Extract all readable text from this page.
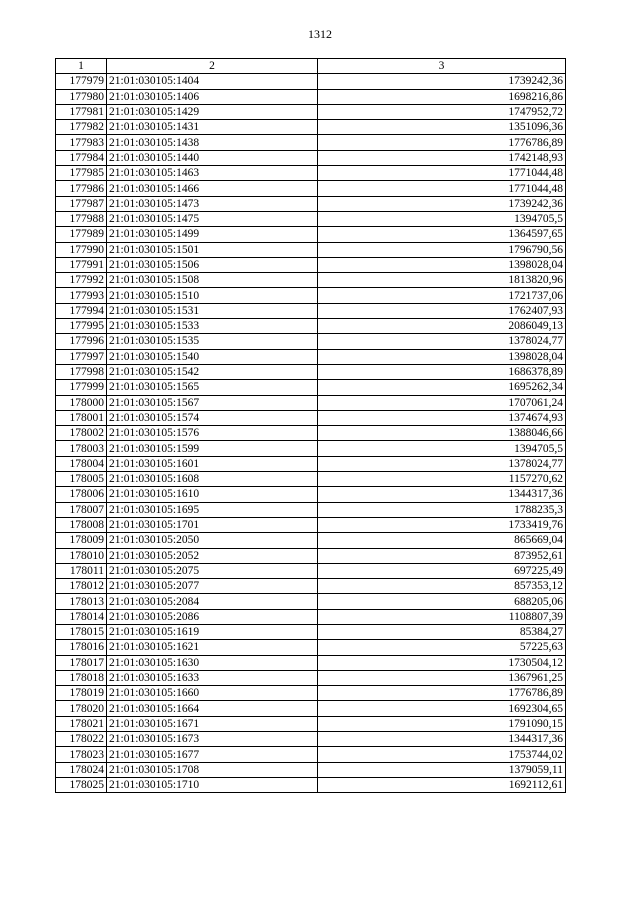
1312
1	2	3
177979	21:01:030105:1404	1739242,36
177980	21:01:030105:1406	1698216,86
177981	21:01:030105:1429	1747952,72
177982	21:01:030105:1431	1351096,36
177983	21:01:030105:1438	1776786,89
177984	21:01:030105:1440	1742148,93
177985	21:01:030105:1463	1771044,48
177986	21:01:030105:1466	1771044,48
177987	21:01:030105:1473	1739242,36
177988	21:01:030105:1475	1394705,5
177989	21:01:030105:1499	1364597,65
177990	21:01:030105:1501	1796790,56
177991	21:01:030105:1506	1398028,04
177992	21:01:030105:1508	1813820,96
177993	21:01:030105:1510	1721737,06
177994	21:01:030105:1531	1762407,93
177995	21:01:030105:1533	2086049,13
177996	21:01:030105:1535	1378024,77
177997	21:01:030105:1540	1398028,04
177998	21:01:030105:1542	1686378,89
177999	21:01:030105:1565	1695262,34
178000	21:01:030105:1567	1707061,24
178001	21:01:030105:1574	1374674,93
178002	21:01:030105:1576	1388046,66
178003	21:01:030105:1599	1394705,5
178004	21:01:030105:1601	1378024,77
178005	21:01:030105:1608	1157270,62
178006	21:01:030105:1610	1344317,36
178007	21:01:030105:1695	1788235,3
178008	21:01:030105:1701	1733419,76
178009	21:01:030105:2050	865669,04
178010	21:01:030105:2052	873952,61
178011	21:01:030105:2075	697225,49
178012	21:01:030105:2077	857353,12
178013	21:01:030105:2084	688205,06
178014	21:01:030105:2086	1108807,39
178015	21:01:030105:1619	85384,27
178016	21:01:030105:1621	57225,63
178017	21:01:030105:1630	1730504,12
178018	21:01:030105:1633	1367961,25
178019	21:01:030105:1660	1776786,89
178020	21:01:030105:1664	1692304,65
178021	21:01:030105:1671	1791090,15
178022	21:01:030105:1673	1344317,36
178023	21:01:030105:1677	1753744,02
178024	21:01:030105:1708	1379059,11
178025	21:01:030105:1710	1692112,61
